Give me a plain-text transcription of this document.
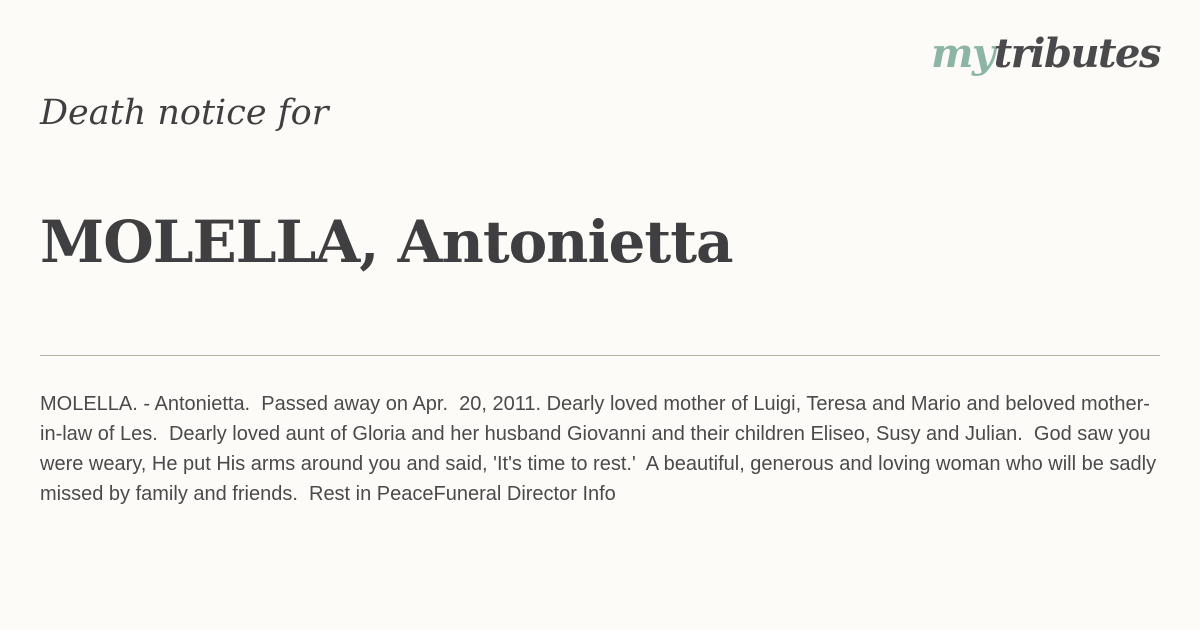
mytributes
Death notice for
MOLELLA, Antonietta

MOLELLA. - Antonietta.  Passed away on Apr.  20, 2011. Dearly loved mother of Luigi, Teresa and Mario and beloved mother-in-law of Les.  Dearly loved aunt of Gloria and her husband Giovanni and their children Eliseo, Susy and Julian.  God saw you were weary, He put His arms around you and said, 'It's time to rest.'  A beautiful, generous and loving woman who will be sadly missed by family and friends.  Rest in PeaceFuneral Director Info
